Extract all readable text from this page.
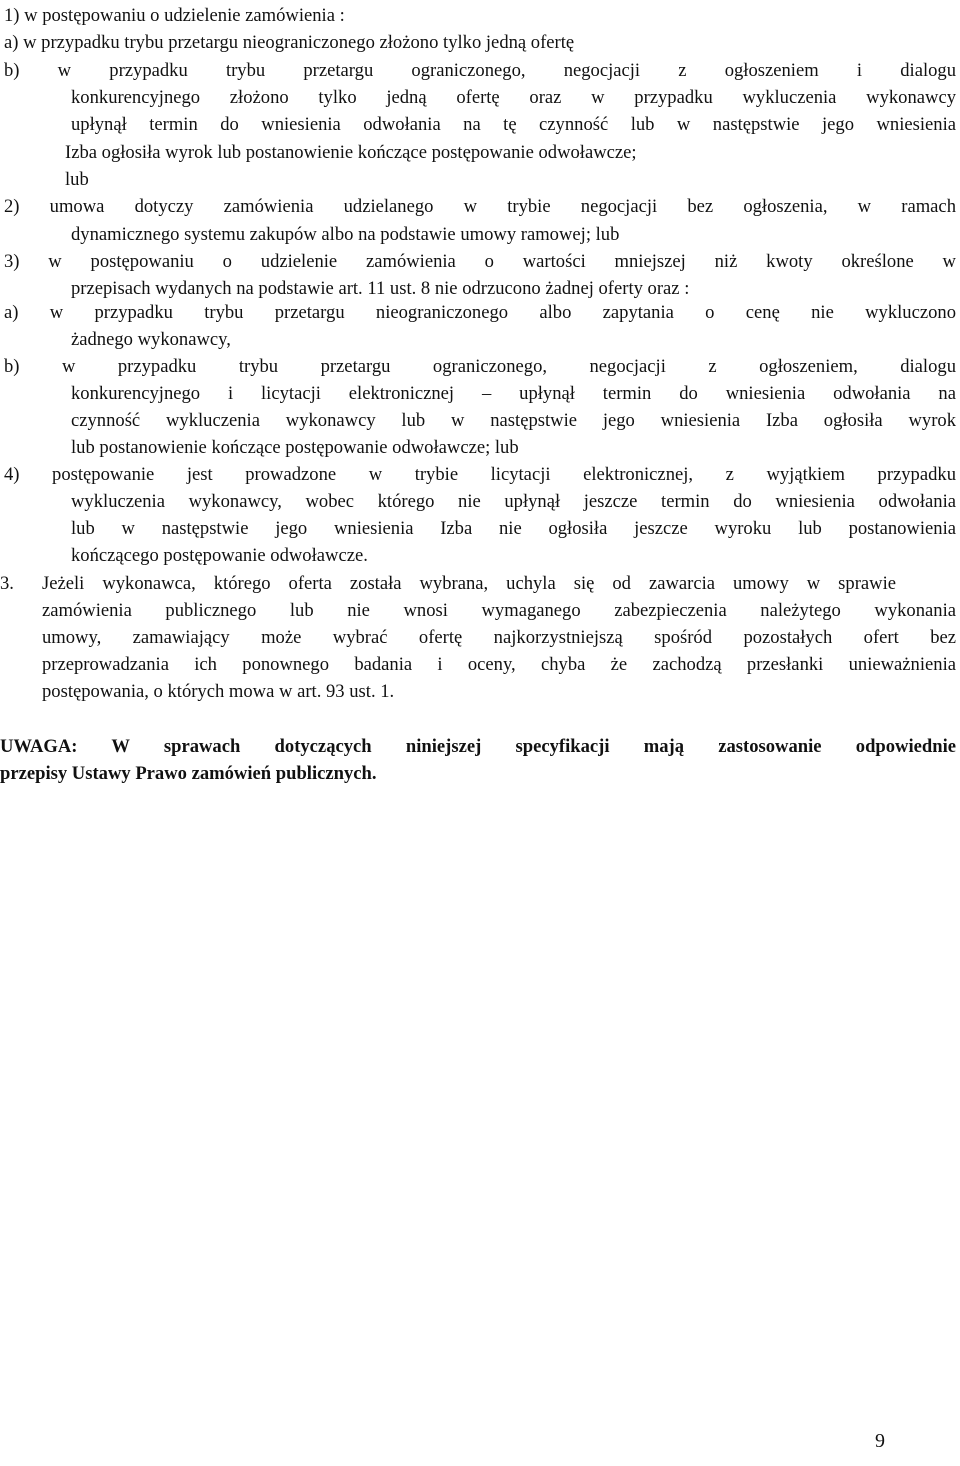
1) w postępowaniu o udzielenie zamówienia :
a) w przypadku trybu przetargu nieograniczonego złożono tylko jedną ofertę
b) w przypadku trybu przetargu ograniczonego, negocjacji z ogłoszeniem i dialogu
konkurencyjnego złożono tylko jedną ofertę oraz w przypadku wykluczenia wykonawcy
upłynął termin do wniesienia odwołania na tę czynność lub w następstwie jego wniesienia
Izba ogłosiła wyrok lub postanowienie kończące postępowanie odwoławcze;
lub
2) umowa dotyczy zamówienia udzielanego w trybie negocjacji bez ogłoszenia, w ramach
dynamicznego systemu zakupów albo na podstawie umowy ramowej; lub
3) w postępowaniu o udzielenie zamówienia o wartości mniejszej niż kwoty określone w
przepisach wydanych na podstawie art. 11 ust. 8 nie odrzucono żadnej oferty oraz :
a) w przypadku trybu przetargu nieograniczonego albo zapytania o cenę nie wykluczono
żadnego wykonawcy,
b) w przypadku trybu przetargu ograniczonego, negocjacji z ogłoszeniem, dialogu
konkurencyjnego i licytacji elektronicznej – upłynął termin do wniesienia odwołania na
czynność wykluczenia wykonawcy lub w następstwie jego wniesienia Izba ogłosiła wyrok
lub postanowienie kończące postępowanie odwoławcze; lub
4) postępowanie jest prowadzone w trybie licytacji elektronicznej, z wyjątkiem przypadku
wykluczenia wykonawcy, wobec którego nie upłynął jeszcze termin do wniesienia odwołania
lub w następstwie jego wniesienia Izba nie ogłosiła jeszcze wyroku lub postanowienia
kończącego postępowanie odwoławcze.
3. Jeżeli wykonawca, którego oferta została wybrana, uchyla się od zawarcia umowy w sprawie
zamówienia publicznego lub nie wnosi wymaganego zabezpieczenia należytego wykonania
umowy, zamawiający może wybrać ofertę najkorzystniejszą spośród pozostałych ofert bez
przeprowadzania ich ponownego badania i oceny, chyba że zachodzą przesłanki unieważnienia
postępowania, o których mowa w art. 93 ust. 1.
UWAGA: W sprawach dotyczących niniejszej specyfikacji mają zastosowanie odpowiednie
przepisy Ustawy Prawo zamówień publicznych.
9
